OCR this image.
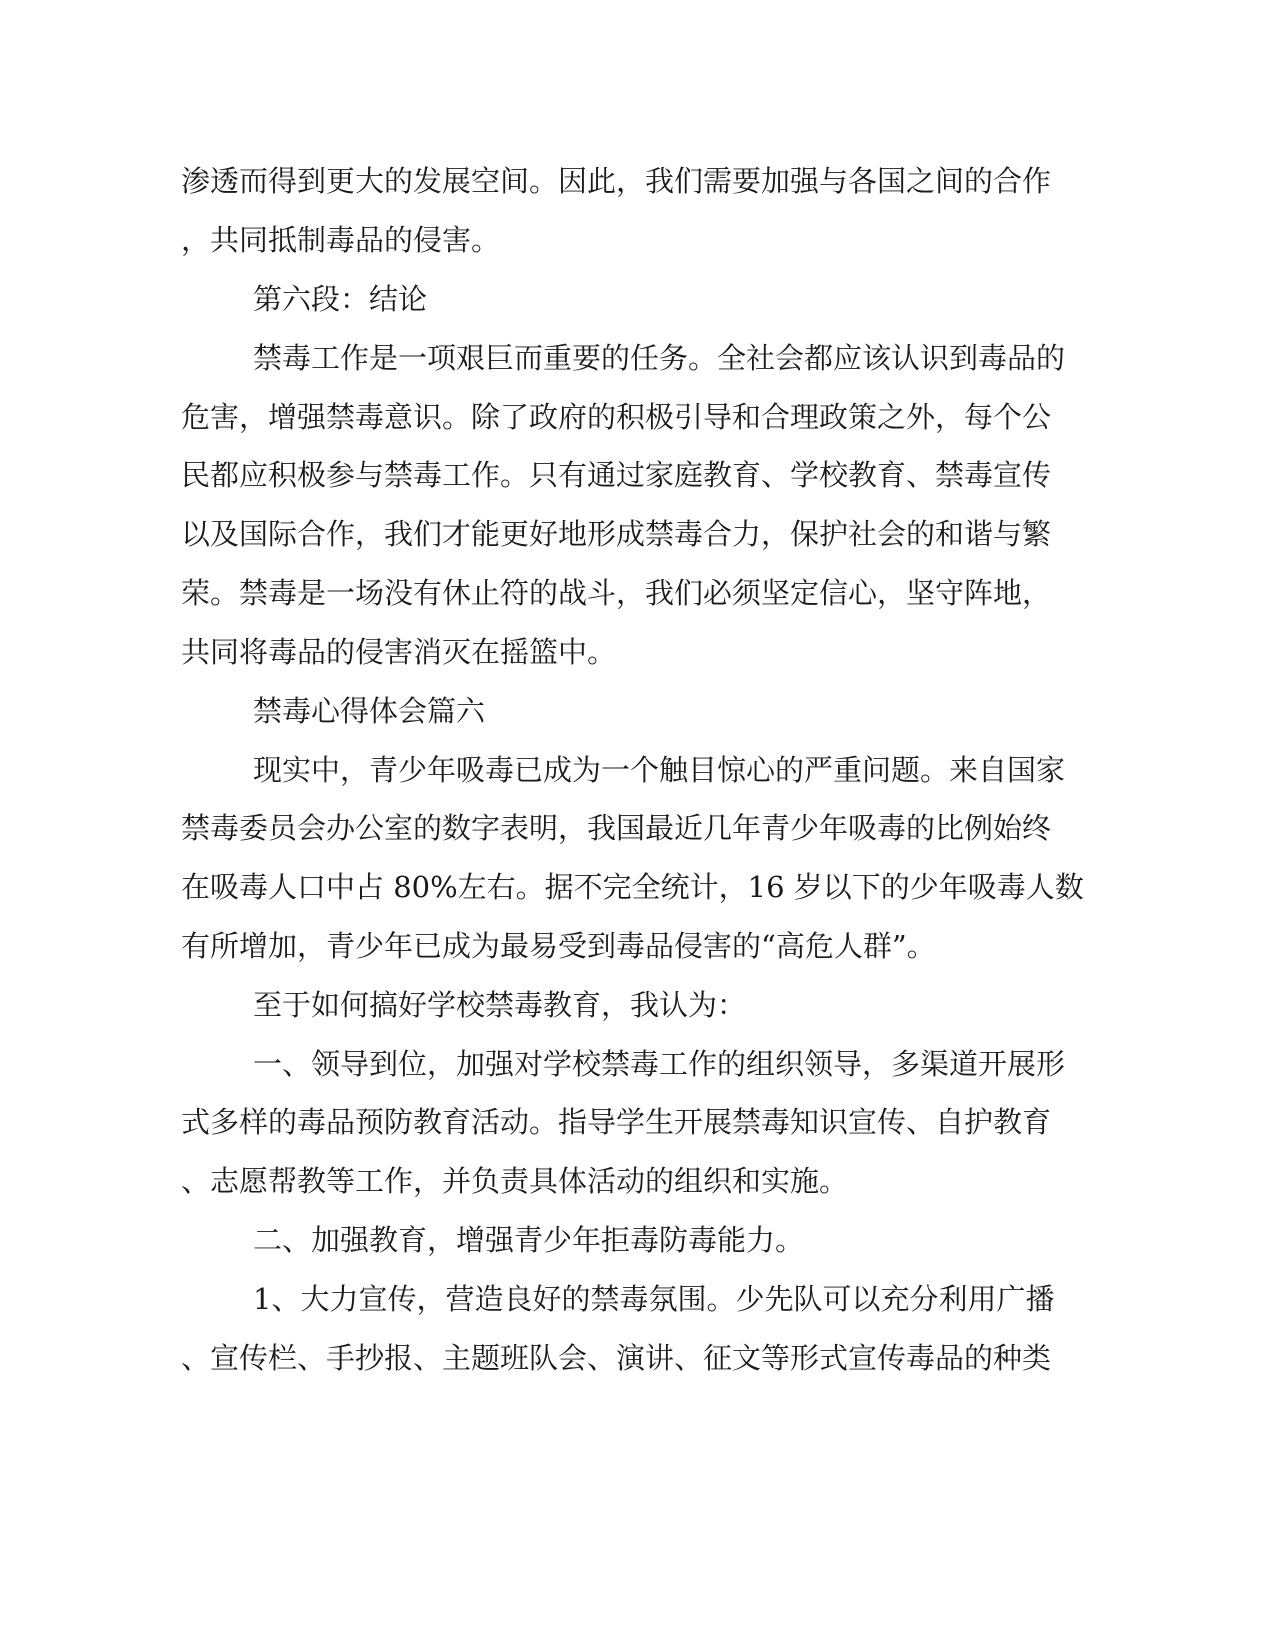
渗透而得到更大的发展空间。因此，我们需要加强与各国之间的合作
，共同抵制毒品的侵害。
第六段：结论
禁毒工作是一项艰巨而重要的任务。全社会都应该认识到毒品的
危害，增强禁毒意识。除了政府的积极引导和合理政策之外，每个公
民都应积极参与禁毒工作。只有通过家庭教育、学校教育、禁毒宣传
以及国际合作，我们才能更好地形成禁毒合力，保护社会的和谐与繁
荣。禁毒是一场没有休止符的战斗，我们必须坚定信心，坚守阵地，
共同将毒品的侵害消灭在摇篮中。
禁毒心得体会篇六
现实中，青少年吸毒已成为一个触目惊心的严重问题。来自国家
禁毒委员会办公室的数字表明，我国最近几年青少年吸毒的比例始终
在吸毒人口中占 80%左右。据不完全统计，16 岁以下的少年吸毒人数
有所增加，青少年已成为最易受到毒品侵害的“高危人群”。
至于如何搞好学校禁毒教育，我认为：
一、领导到位，加强对学校禁毒工作的组织领导，多渠道开展形
式多样的毒品预防教育活动。指导学生开展禁毒知识宣传、自护教育
、志愿帮教等工作，并负责具体活动的组织和实施。
二、加强教育，增强青少年拒毒防毒能力。
1、大力宣传，营造良好的禁毒氛围。少先队可以充分利用广播
、宣传栏、手抄报、主题班队会、演讲、征文等形式宣传毒品的种类
